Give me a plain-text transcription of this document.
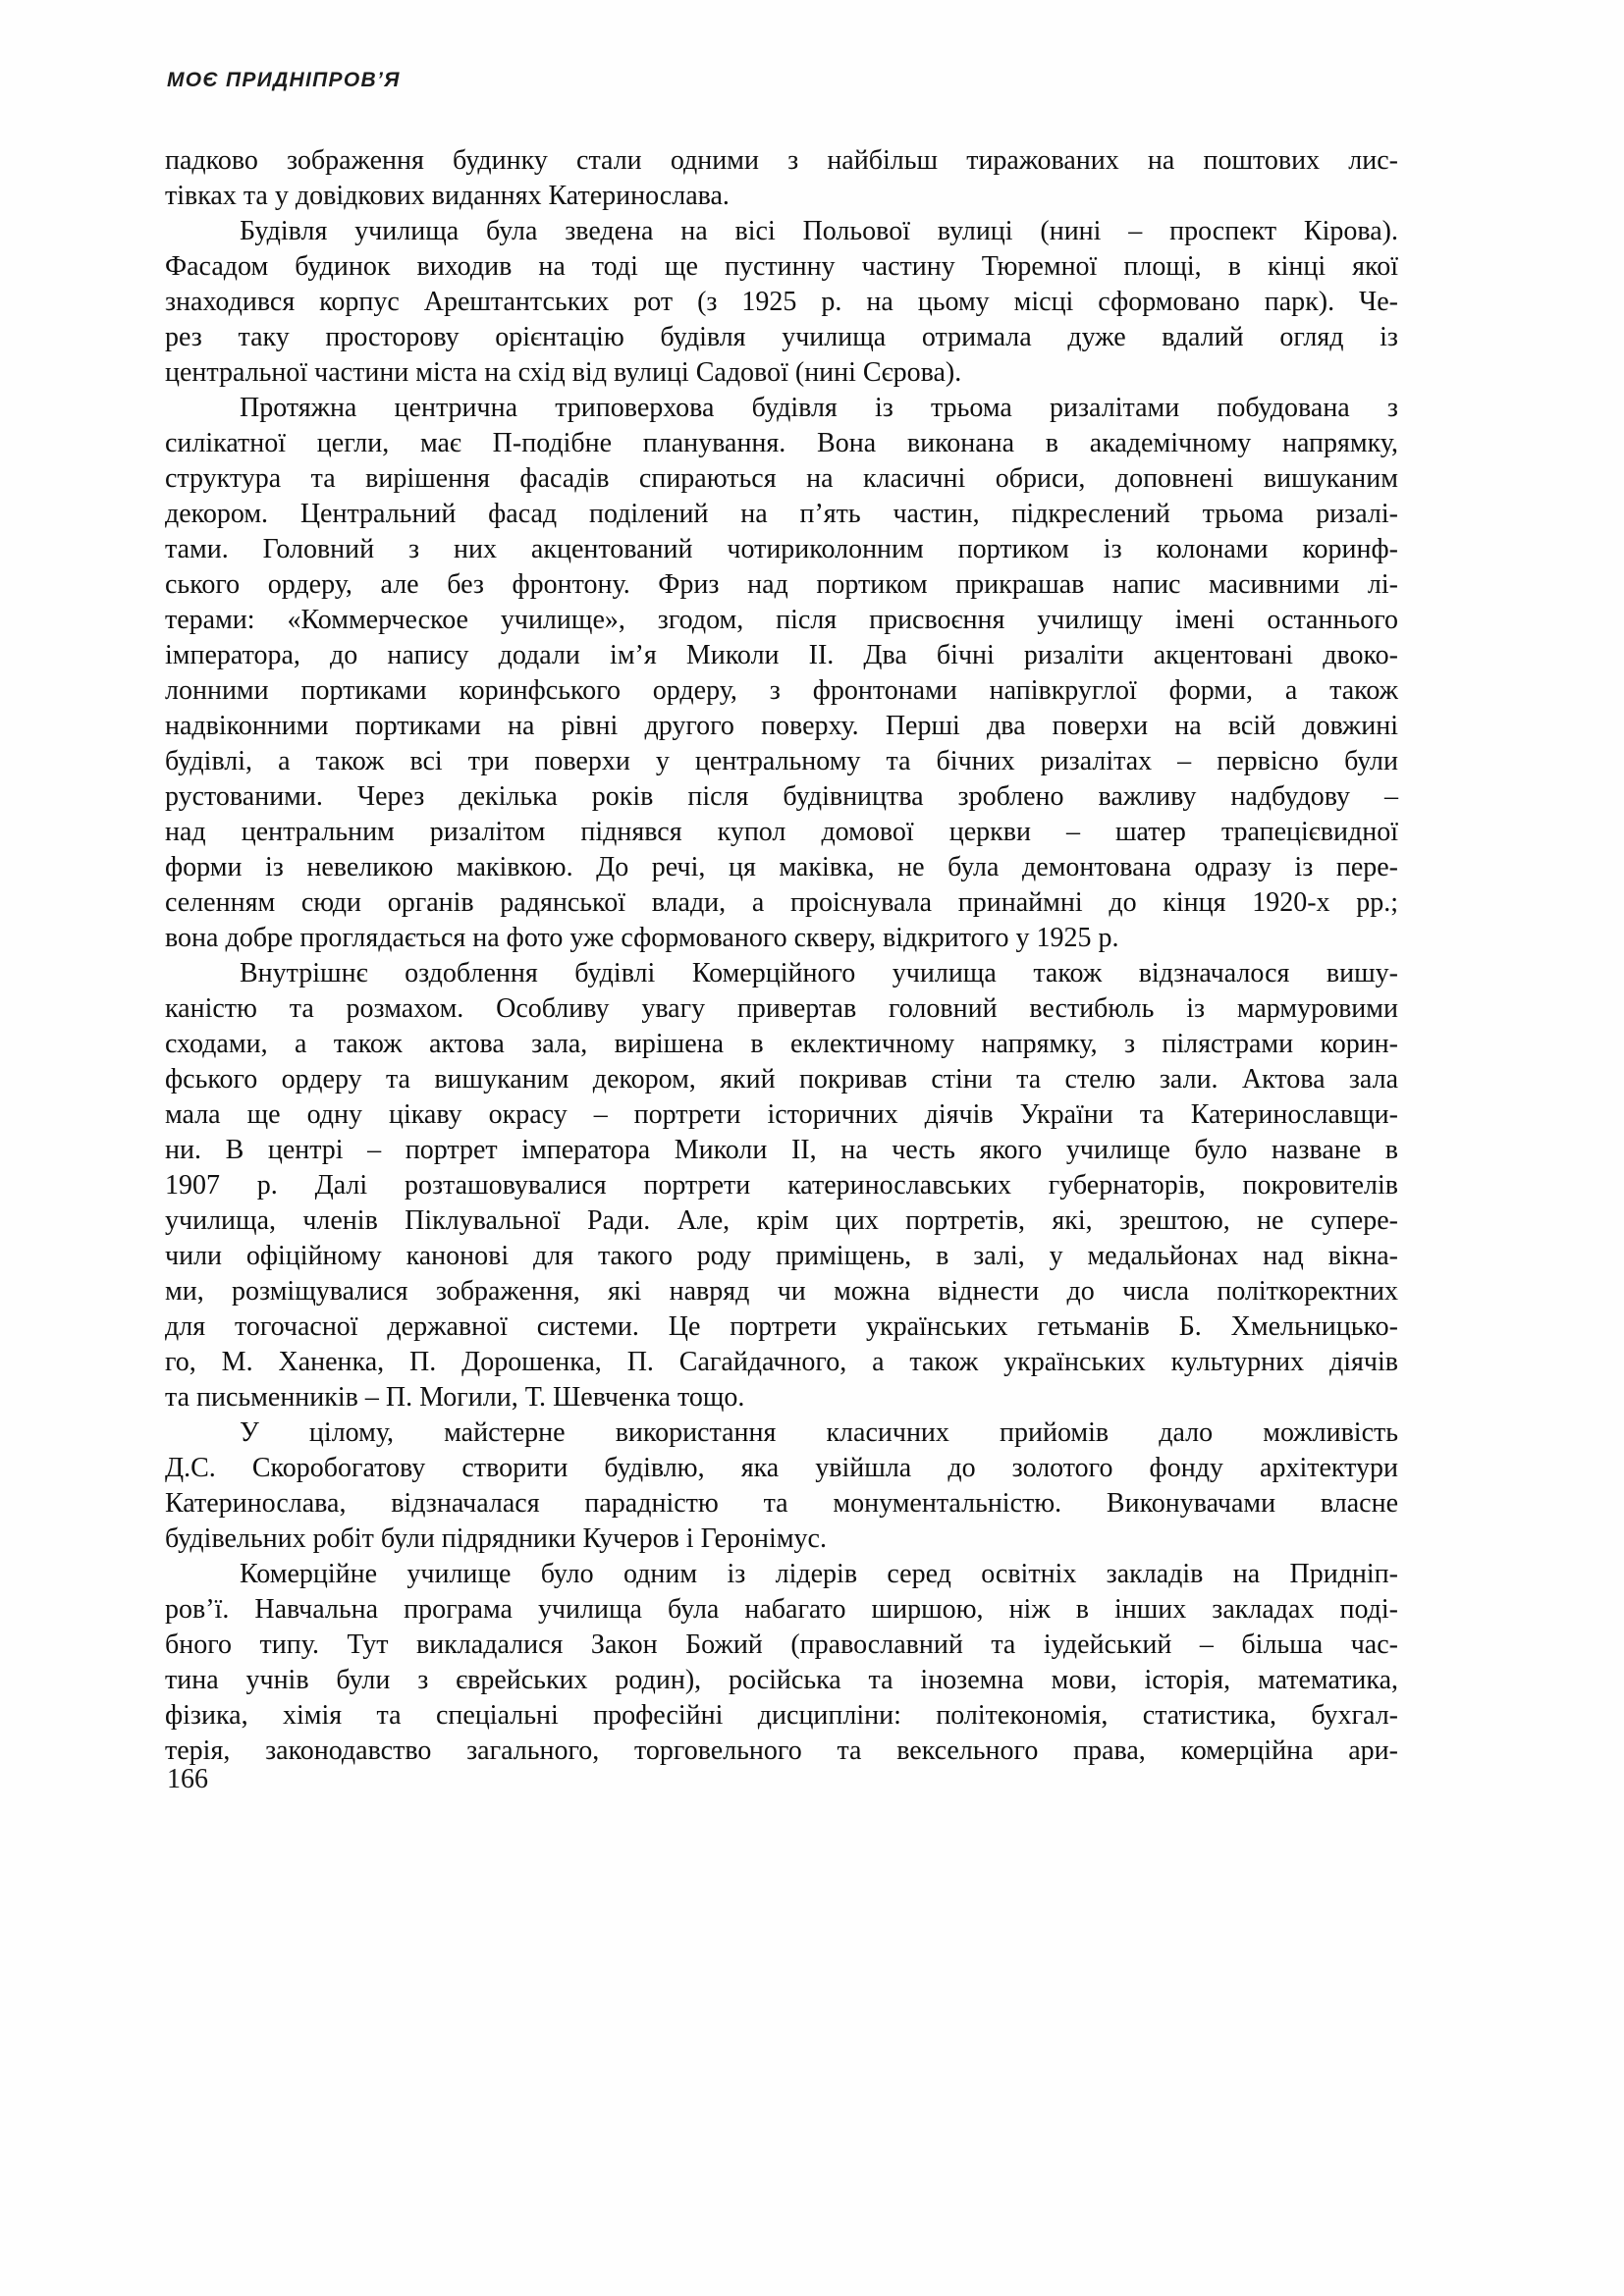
МОЄ ПРИДНІПРОВ’Я
падково зображення будинку стали одними з найбільш тиражованих на поштових лис-
тівках та у довідкових виданнях Катеринослава.
Будівля училища була зведена на вісі Польової вулиці (нині – проспект Кірова).
Фасадом будинок виходив на тоді ще пустинну частину Тюремної площі, в кінці якої
знаходився корпус Арештантських рот (з 1925 р. на цьому місці сформовано парк). Че-
рез таку просторову орієнтацію будівля училища отримала дуже вдалий огляд із
центральної частини міста на схід від вулиці Садової (нині Сєрова).
Протяжна центрична триповерхова будівля із трьома ризалітами побудована з
силікатної цегли, має П-подібне планування. Вона виконана в академічному напрямку,
структура та вирішення фасадів спираються на класичні обриси, доповнені вишуканим
декором. Центральний фасад поділений на п’ять частин, підкреслений трьома ризалі-
тами. Головний з них акцентований чотириколонним портиком із колонами коринф-
ського ордеру, але без фронтону. Фриз над портиком прикрашав напис масивними лі-
терами: «Коммерческое училище», згодом, після присвоєння училищу імені останнього
імператора, до напису додали ім’я Миколи ІІ. Два бічні ризаліти акцентовані двоко-
лонними портиками коринфського ордеру, з фронтонами напівкруглої форми, а також
надвіконними портиками на рівні другого поверху. Перші два поверхи на всій довжині
будівлі, а також всі три поверхи у центральному та бічних ризалітах – первісно були
рустованими. Через декілька років після будівництва зроблено важливу надбудову –
над центральним ризалітом піднявся купол домової церкви – шатер трапецієвидної
форми із невеликою маківкою. До речі, ця маківка, не була демонтована одразу із пере-
селенням сюди органів радянської влади, а проіснувала принаймні до кінця 1920-х рр.;
вона добре проглядається на фото уже сформованого скверу, відкритого у 1925 р.
Внутрішнє оздоблення будівлі Комерційного училища також відзначалося вишу-
каністю та розмахом. Особливу увагу привертав головний вестибюль із мармуровими
сходами, а також актова зала, вирішена в еклектичному напрямку, з пілястрами корин-
фського ордеру та вишуканим декором, який покривав стіни та стелю зали. Актова зала
мала ще одну цікаву окрасу – портрети історичних діячів України та Катеринославщи-
ни. В центрі – портрет імператора Миколи ІІ, на честь якого училище було назване в
1907 р. Далі розташовувалися портрети катеринославських губернаторів, покровителів
училища, членів Піклувальної Ради. Але, крім цих портретів, які, зрештою, не супере-
чили офіційному канонові для такого роду приміщень, в залі, у медальйонах над вікна-
ми, розміщувалися зображення, які навряд чи можна віднести до числа політкоректних
для тогочасної державної системи. Це портрети українських гетьманів Б. Хмельницько-
го, М. Ханенка, П. Дорошенка, П. Сагайдачного, а також українських культурних діячів
та письменників – П. Могили, Т. Шевченка тощо.
У цілому, майстерне використання класичних прийомів дало можливість
Д.С. Скоробогатову створити будівлю, яка увійшла до золотого фонду архітектури
Катеринослава, відзначалася парадністю та монументальністю. Виконувачами власне
будівельних робіт були підрядники Кучеров і Геронімус.
Комерційне училище було одним із лідерів серед освітніх закладів на Придніп-
ров’ї. Навчальна програма училища була набагато ширшою, ніж в інших закладах поді-
бного типу. Тут викладалися Закон Божий (православний та іудейський – більша час-
тина учнів були з єврейських родин), російська та іноземна мови, історія, математика,
фізика, хімія та спеціальні професійні дисципліни: політекономія, статистика, бухгал-
терія, законодавство загального, торговельного та вексельного права, комерційна ари-
166
